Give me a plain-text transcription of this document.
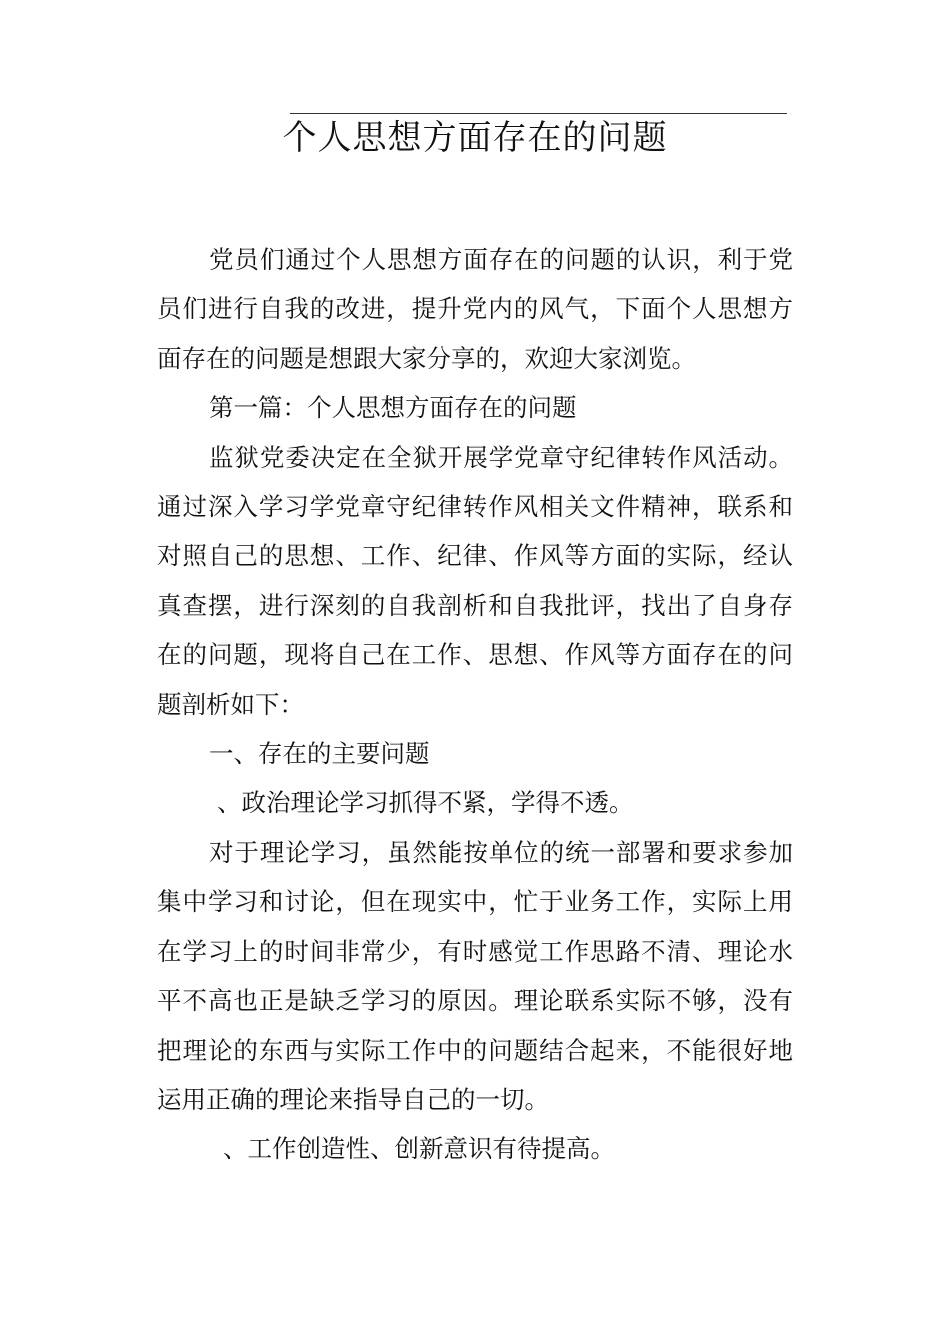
个人思想方面存在的问题

党员们通过个人思想方面存在的问题的认识，利于党员们进行自我的改进，提升党内的风气，下面个人思想方面存在的问题是想跟大家分享的，欢迎大家浏览。

第一篇：个人思想方面存在的问题

监狱党委决定在全狱开展学党章守纪律转作风活动。通过深入学习学党章守纪律转作风相关文件精神，联系和对照自己的思想、工作、纪律、作风等方面的实际，经认真查摆，进行深刻的自我剖析和自我批评，找出了自身存在的问题，现将自己在工作、思想、作风等方面存在的问题剖析如下：

一、存在的主要问题

、政治理论学习抓得不紧，学得不透。

对于理论学习，虽然能按单位的统一部署和要求参加集中学习和讨论，但在现实中，忙于业务工作，实际上用在学习上的时间非常少，有时感觉工作思路不清、理论水平不高也正是缺乏学习的原因。理论联系实际不够，没有把理论的东西与实际工作中的问题结合起来，不能很好地运用正确的理论来指导自己的一切。

、工作创造性、创新意识有待提高。
